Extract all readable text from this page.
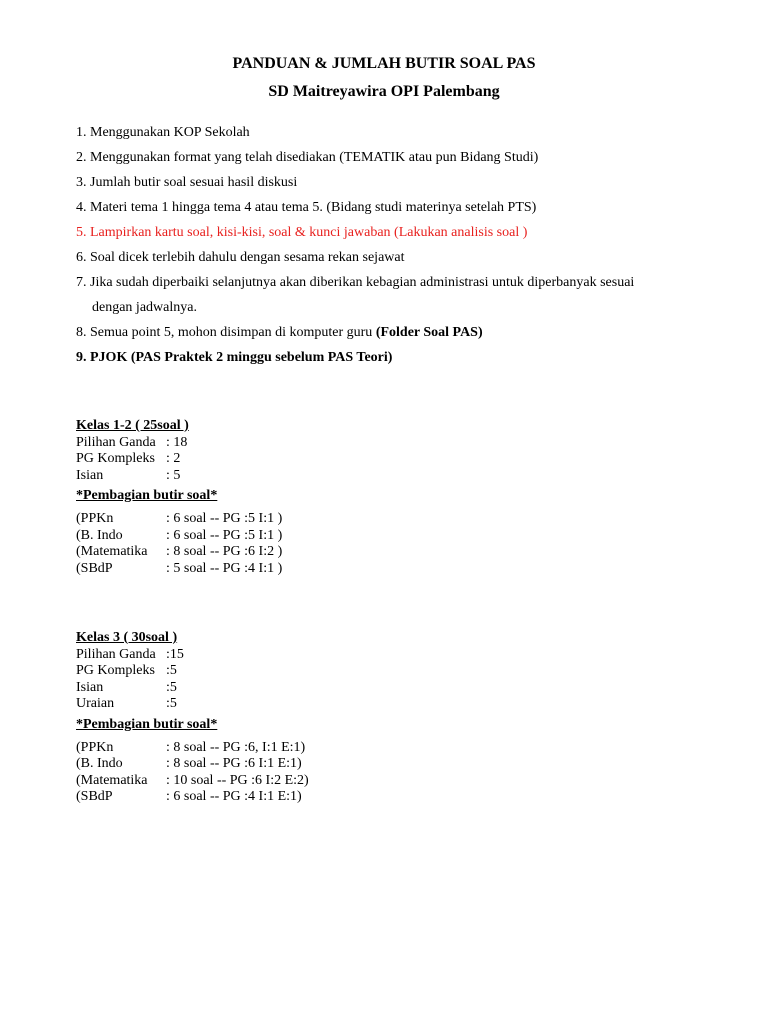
PANDUAN & JUMLAH BUTIR SOAL PAS
SD Maitreyawira OPI Palembang
1. Menggunakan KOP Sekolah
2. Menggunakan format yang telah disediakan (TEMATIK atau pun Bidang Studi)
3. Jumlah butir soal sesuai hasil diskusi
4. Materi tema 1 hingga tema 4 atau tema 5. (Bidang studi materinya setelah PTS)
5. Lampirkan kartu soal, kisi-kisi, soal & kunci jawaban (Lakukan analisis soal )
6. Soal dicek terlebih dahulu dengan sesama rekan sejawat
7. Jika sudah diperbaiki selanjutnya akan diberikan kebagian administrasi untuk diperbanyak sesuai
dengan jadwalnya.
8. Semua point 5, mohon disimpan di komputer guru (Folder Soal PAS)
9. PJOK (PAS Praktek 2 minggu sebelum PAS Teori)
Kelas 1-2 ( 25soal )
Pilihan Ganda : 18
PG Kompleks : 2
Isian	: 5
*Pembagian butir soal*
(PPKn	: 6 soal -- PG :5 I:1 )
(B. Indo	: 6 soal -- PG :5 I:1 )
(Matematika	: 8 soal -- PG :6 I:2 )
(SBdP	: 5 soal -- PG :4 I:1 )
Kelas 3 ( 30soal )
Pilihan Ganda :15
PG Kompleks :5
Isian	:5
Uraian	:5
*Pembagian butir soal*
(PPKn	: 8 soal -- PG :6, I:1 E:1)
(B. Indo	: 8 soal -- PG :6 I:1 E:1)
(Matematika	: 10 soal -- PG :6 I:2 E:2)
(SBdP	: 6 soal -- PG :4 I:1 E:1)
